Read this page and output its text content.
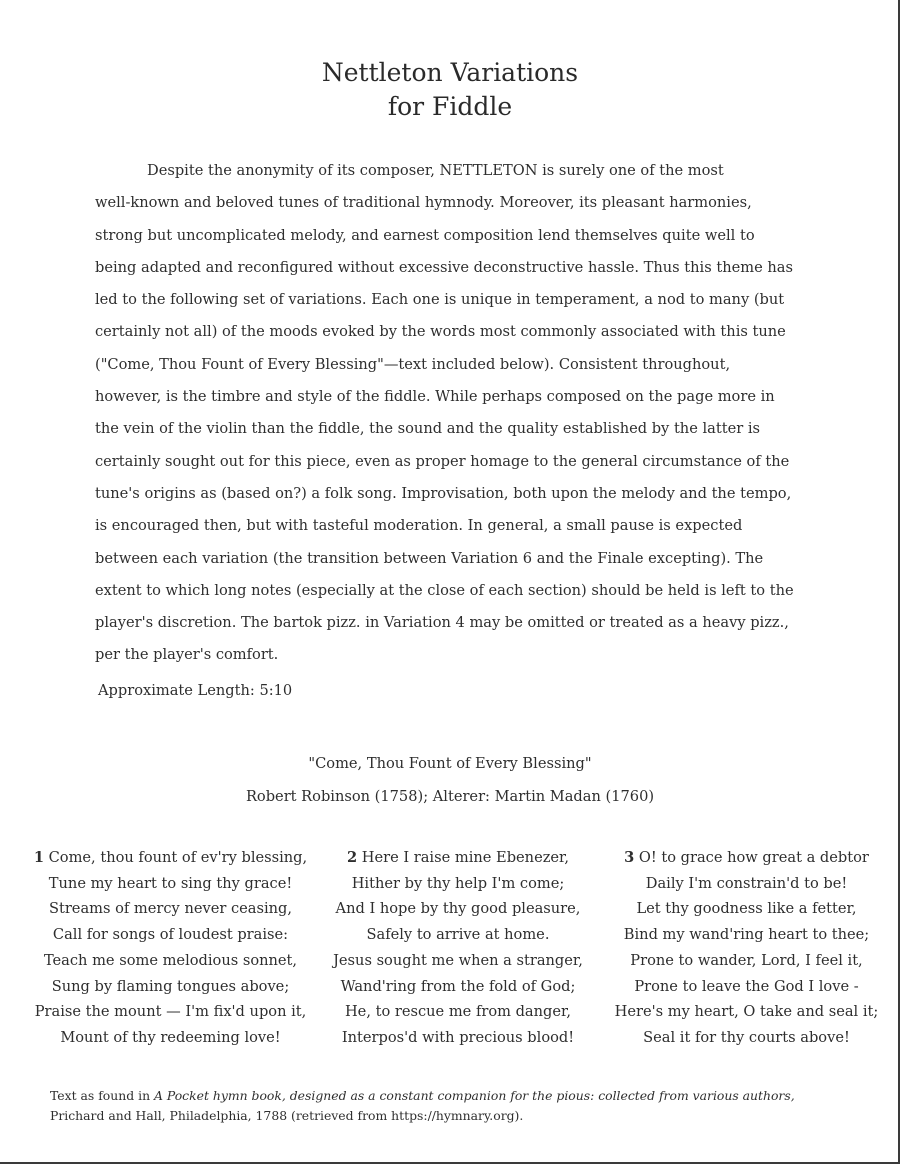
Nettleton Variations
for Fiddle
Despite the anonymity of its composer, NETTLETON is surely one of the most
well-known and beloved tunes of traditional hymnody. Moreover, its pleasant harmonies,
strong but uncomplicated melody, and earnest composition lend themselves quite well to
being adapted and reconfigured without excessive deconstructive hassle. Thus this theme has
led to the following set of variations. Each one is unique in temperament, a nod to many (but
certainly not all) of the moods evoked by the words most commonly associated with this tune
("Come, Thou Fount of Every Blessing"—text included below). Consistent throughout,
however, is the timbre and style of the fiddle. While perhaps composed on the page more in
the vein of the violin than the fiddle, the sound and the quality established by the latter is
certainly sought out for this piece, even as proper homage to the general circumstance of the
tune's origins as (based on?) a folk song. Improvisation, both upon the melody and the tempo,
is encouraged then, but with tasteful moderation. In general, a small pause is expected
between each variation (the transition between Variation 6 and the Finale excepting). The
extent to which long notes (especially at the close of each section) should be held is left to the
player's discretion. The bartok pizz. in Variation 4 may be omitted or treated as a heavy pizz.,
per the player's comfort.
Approximate Length: 5:10
"Come, Thou Fount of Every Blessing"
Robert Robinson (1758); Alterer: Martin Madan (1760)
1 Come, thou fount of ev'ry blessing,
Tune my heart to sing thy grace!
Streams of mercy never ceasing,
Call for songs of loudest praise:
Teach me some melodious sonnet,
Sung by flaming tongues above;
Praise the mount — I'm fix'd upon it,
Mount of thy redeeming love!
2 Here I raise mine Ebenezer,
Hither by thy help I'm come;
And I hope by thy good pleasure,
Safely to arrive at home.
Jesus sought me when a stranger,
Wand'ring from the fold of God;
He, to rescue me from danger,
Interpos'd with precious blood!
3 O! to grace how great a debtor
Daily I'm constrain'd to be!
Let thy goodness like a fetter,
Bind my wand'ring heart to thee;
Prone to wander, Lord, I feel it,
Prone to leave the God I love -
Here's my heart, O take and seal it;
Seal it for thy courts above!
Text as found in A Pocket hymn book, designed as a constant companion for the pious: collected from various authors,
Prichard and Hall, Philadelphia, 1788 (retrieved from https://hymnary.org).
